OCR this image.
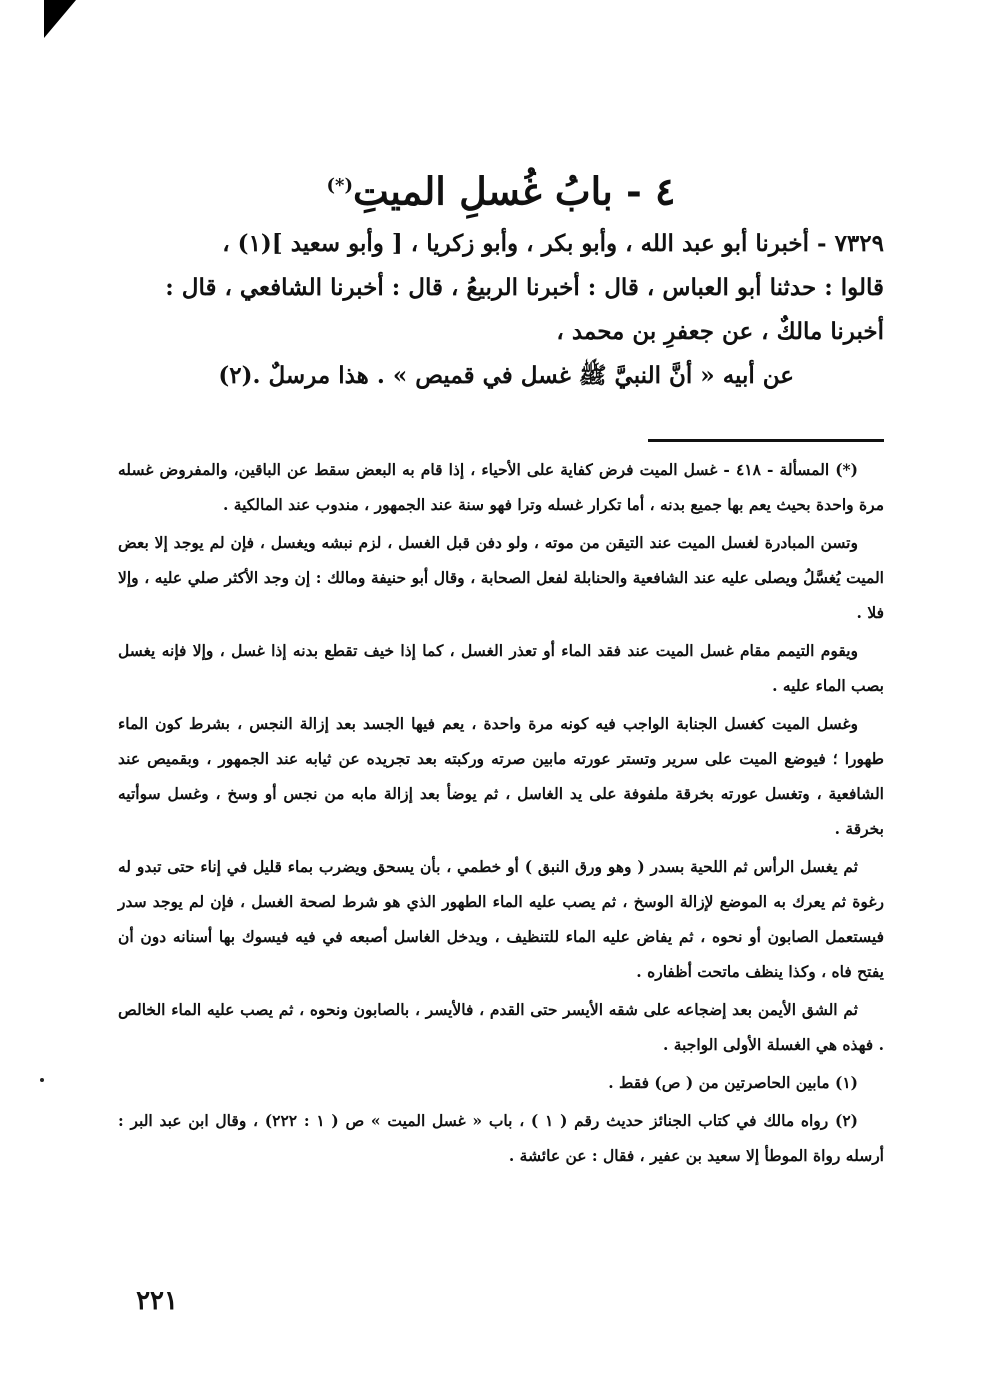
٤ - بابُ غُسلِ الميتِ(*)

٧٣٢٩ - أخبرنا أبو عبد الله ، وأبو بكر ، وأبو زكريا ، [ وأبو سعيد ](١) ،

قالوا : حدثنا أبو العباس ، قال : أخبرنا الربيعُ ، قال : أخبرنا الشافعي ، قال :

أخبرنا مالكٌ ، عن جعفرِ بن محمد ،

عن أبيه « أنَّ النبيَّ ﷺ غسل في قميص » . هذا مرسلٌ .(٢)

(*) المسألة - ٤١٨ - غسل الميت فرض كفاية على الأحياء ، إذا قام به البعض سقط عن الباقين، والمفروض غسله مرة واحدة بحيث يعم بها جميع بدنه ، أما تكرار غسله وترا فهو سنة عند الجمهور ، مندوب عند المالكية .

وتسن المبادرة لغسل الميت عند التيقن من موته ، ولو دفن قبل الغسل ، لزم نبشه ويغسل ، فإن لم يوجد إلا بعض الميت يُغسَّلُ ويصلى عليه عند الشافعية والحنابلة لفعل الصحابة ، وقال أبو حنيفة ومالك : إن وجد الأكثر صلي عليه ، وإلا فلا .

ويقوم التيمم مقام غسل الميت عند فقد الماء أو تعذر الغسل ، كما إذا خيف تقطع بدنه إذا غسل ، وإلا فإنه يغسل بصب الماء عليه .

وغسل الميت كغسل الجنابة الواجب فيه كونه مرة واحدة ، يعم فيها الجسد بعد إزالة النجس ، بشرط كون الماء طهورا ؛ فيوضع الميت على سرير وتستر عورته مابين صرته وركبته بعد تجريده عن ثيابه عند الجمهور ، وبقميص عند الشافعية ، وتغسل عورته بخرقة ملفوفة على يد الغاسل ، ثم يوضأ بعد إزالة مابه من نجس أو وسخ ، وغسل سوأتيه بخرقة .

ثم يغسل الرأس ثم اللحية بسدر ( وهو ورق النبق ) أو خطمي ، بأن يسحق ويضرب بماء قليل في إناء حتى تبدو له رغوة ثم يعرك به الموضع لإزالة الوسخ ، ثم يصب عليه الماء الطهور الذي هو شرط لصحة الغسل ، فإن لم يوجد سدر فيستعمل الصابون أو نحوه ، ثم يفاض عليه الماء للتنظيف ، ويدخل الغاسل أصبعه في فيه فيسوك بها أسنانه دون أن يفتح فاه ، وكذا ينظف ماتحت أظفاره .

ثم الشق الأيمن بعد إضجاعه على شقه الأيسر حتى القدم ، فالأيسر ، بالصابون ونحوه ، ثم يصب عليه الماء الخالص . فهذه هي الغسلة الأولى الواجبة .

(١) مابين الحاصرتين من ( ص) فقط .

(٢) رواه مالك في كتاب الجنائز حديث رقم ( ١ ) ، باب « غسل الميت » ص ( ١ : ٢٢٢) ، وقال ابن عبد البر : أرسله رواة الموطأ إلا سعيد بن عفير ، فقال : عن عائشة .

٢٢١
